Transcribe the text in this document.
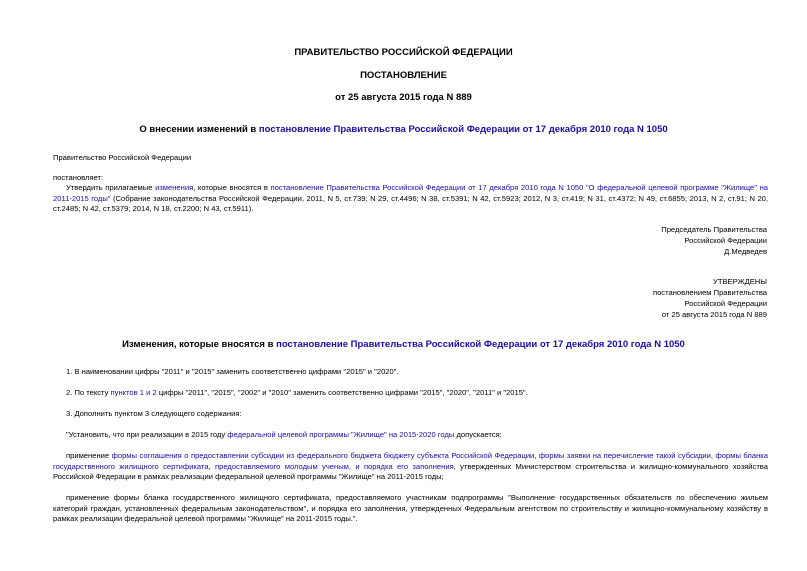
ПРАВИТЕЛЬСТВО РОССИЙСКОЙ ФЕДЕРАЦИИ
ПОСТАНОВЛЕНИЕ
от 25 августа 2015 года N 889
О внесении изменений в постановление Правительства Российской Федерации от 17 декабря 2010 года N 1050
Правительство Российской Федерации
постановляет:
Утвердить прилагаемые изменения, которые вносятся в постановление Правительства Российской Федерации от 17 декабря 2010 года N 1050 "О федеральной целевой программе "Жилище" на 2011-2015 годы" (Собрание законодательства Российской Федерации, 2011, N 5, ст.739; N 29, ст.4496; N 38, ст.5391; N 42, ст.5923; 2012, N 3, ст.419; N 31, ст.4372; N 49, ст.6855; 2013, N 2, ст.91; N 20, ст.2485; N 42, ст.5379; 2014, N 18, ст.2200; N 43, ст.5911).
Председатель Правительства
Российской Федерации
Д.Медведев
УТВЕРЖДЕНЫ
постановлением Правительства
Российской Федерации
от 25 августа 2015 года N 889
Изменения, которые вносятся в постановление Правительства Российской Федерации от 17 декабря 2010 года N 1050
1. В наименовании цифры "2011" и "2015" заменить соответственно цифрами "2015" и "2020".
2. По тексту пунктов 1 и 2 цифры "2011", "2015", "2002" и "2010" заменить соответственно цифрами "2015", "2020", "2011" и "2015".
3. Дополнить пунктом 3 следующего содержания:
"Установить, что при реализации в 2015 году федеральной целевой программы "Жилище" на 2015-2020 годы допускается:
применение формы соглашения о предоставлении субсидии из федерального бюджета бюджету субъекта Российской Федерации, формы заявки на перечисление такой субсидии, формы бланка государственного жилищного сертификата, предоставляемого молодым ученым, и порядка его заполнения, утвержденных Министерством строительства и жилищно-коммунального хозяйства Российской Федерации в рамках реализации федеральной целевой программы "Жилище" на 2011-2015 годы;
применение формы бланка государственного жилищного сертификата, предоставляемого участникам подпрограммы "Выполнение государственных обязательств по обеспечению жильем категорий граждан, установленных федеральным законодательством", и порядка его заполнения, утвержденных Федеральным агентством по строительству и жилищно-коммунальному хозяйству в рамках реализации федеральной целевой программы "Жилище" на 2011-2015 годы.".
